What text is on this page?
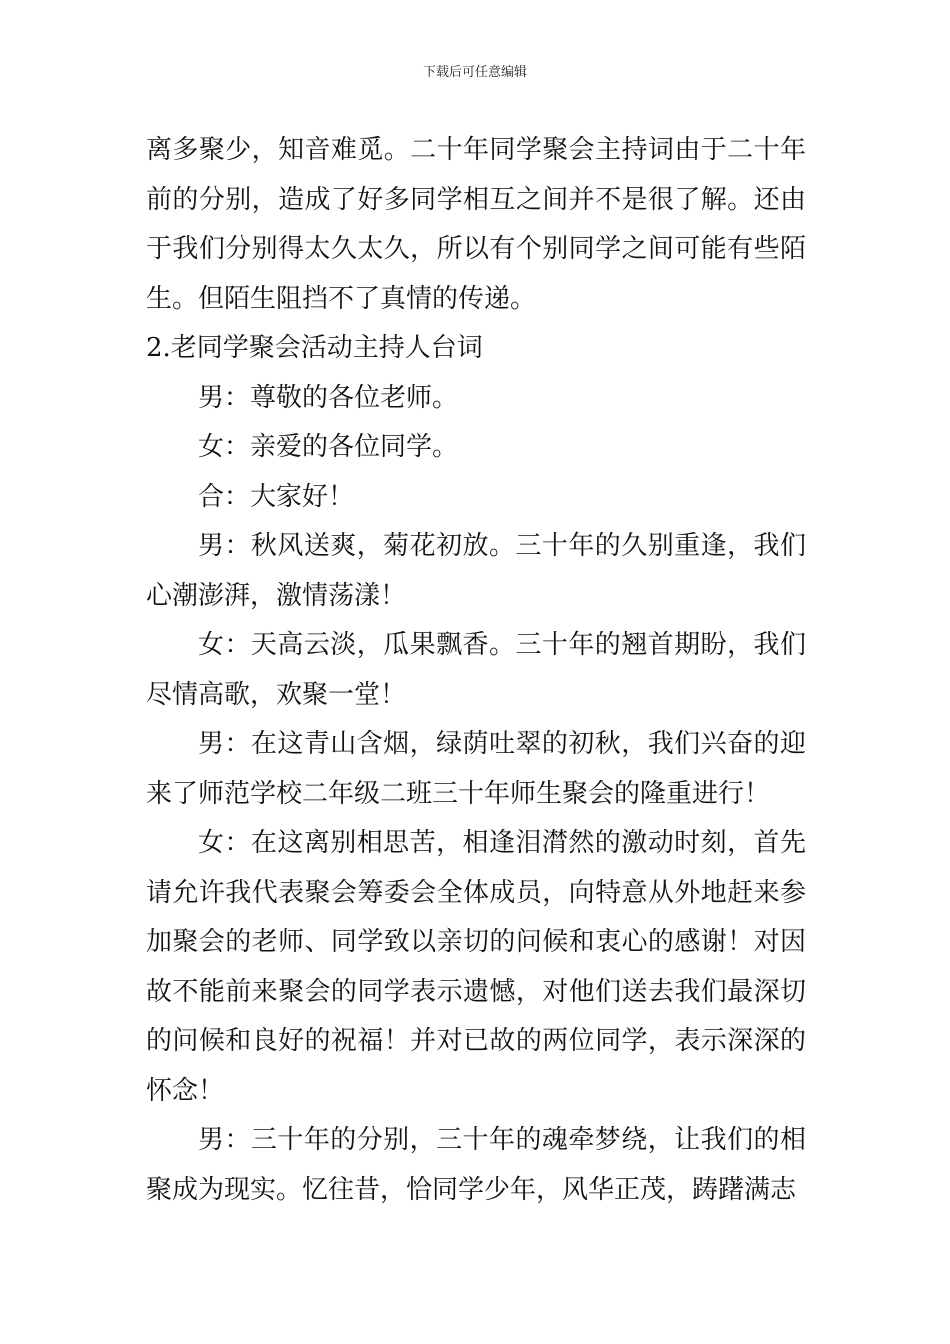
下载后可任意编辑

离多聚少，知音难觅。二十年同学聚会主持词由于二十年前的分别，造成了好多同学相互之间并不是很了解。还由于我们分别得太久太久，所以有个别同学之间可能有些陌生。但陌生阻挡不了真情的传递。

2.老同学聚会活动主持人台词

男：尊敬的各位老师。

女：亲爱的各位同学。

合：大家好！

男：秋风送爽，菊花初放。三十年的久别重逢，我们心潮澎湃，激情荡漾！

女：天高云淡，瓜果飘香。三十年的翘首期盼，我们尽情高歌，欢聚一堂！

男：在这青山含烟，绿荫吐翠的初秋，我们兴奋的迎来了师范学校二年级二班三十年师生聚会的隆重进行！

女：在这离别相思苦，相逢泪潸然的激动时刻，首先请允许我代表聚会筹委会全体成员，向特意从外地赶来参加聚会的老师、同学致以亲切的问候和衷心的感谢！对因故不能前来聚会的同学表示遗憾，对他们送去我们最深切的问候和良好的祝福！并对已故的两位同学，表示深深的怀念！

男：三十年的分别，三十年的魂牵梦绕，让我们的相聚成为现实。忆往昔，恰同学少年，风华正茂，踌躇满志
